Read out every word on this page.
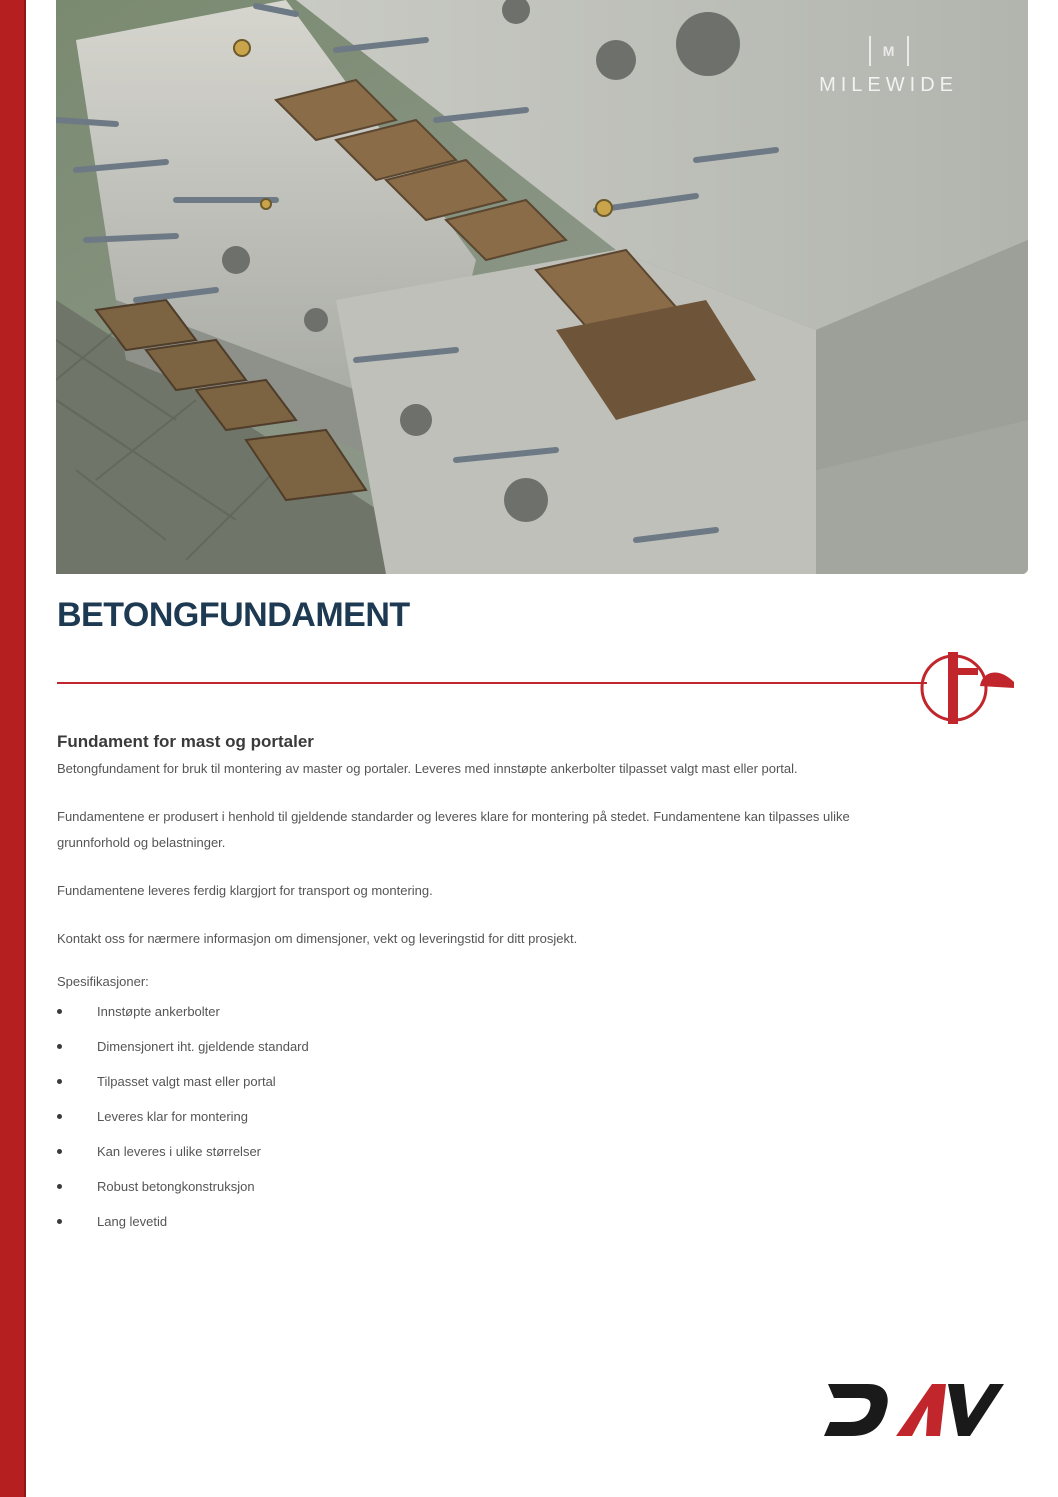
M
MILEWIDE
BETONGFUNDAMENT
Fundament for mast og portaler

Betongfundament for bruk til montering av master og portaler. Leveres med innstøpte ankerbolter tilpasset valgt mast eller portal.

Fundamentene er produsert i henhold til gjeldende standarder og leveres klare for montering på stedet. Fundamentene kan tilpasses ulike grunnforhold og belastninger.

Fundamentene leveres ferdig klargjort for transport og montering.

Kontakt oss for nærmere informasjon om dimensjoner, vekt og leveringstid for ditt prosjekt.

Spesifikasjoner:

Innstøpte ankerbolter
Dimensjonert iht. gjeldende standard
Tilpasset valgt mast eller portal
Leveres klar for montering
Kan leveres i ulike størrelser
Robust betongkonstruksjon
Lang levetid
